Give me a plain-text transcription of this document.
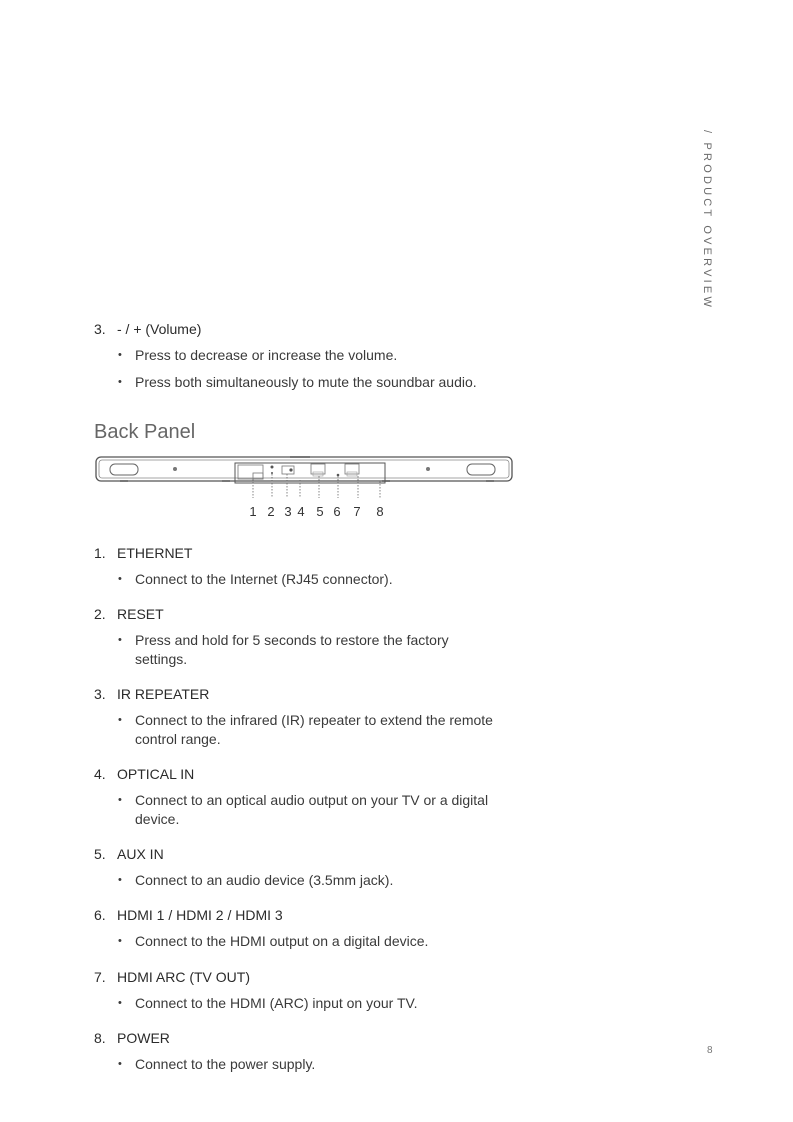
/ PRODUCT OVERVIEW
8
3. - / + (Volume)
• Press to decrease or increase the volume.
• Press both simultaneously to mute the soundbar audio.
Back Panel
1 2 3 4 5 6 7 8
1. ETHERNET
• Connect to the Internet (RJ45 connector).
2. RESET
• Press and hold for 5 seconds to restore the factory settings.
3. IR REPEATER
• Connect to the infrared (IR) repeater to extend the remote control range.
4. OPTICAL IN
• Connect to an optical audio output on your TV or a digital device.
5. AUX IN
• Connect to an audio device (3.5mm jack).
6. HDMI 1 / HDMI 2 / HDMI 3
• Connect to the HDMI output on a digital device.
7. HDMI ARC (TV OUT)
• Connect to the HDMI (ARC) input on your TV.
8. POWER
• Connect to the power supply.
